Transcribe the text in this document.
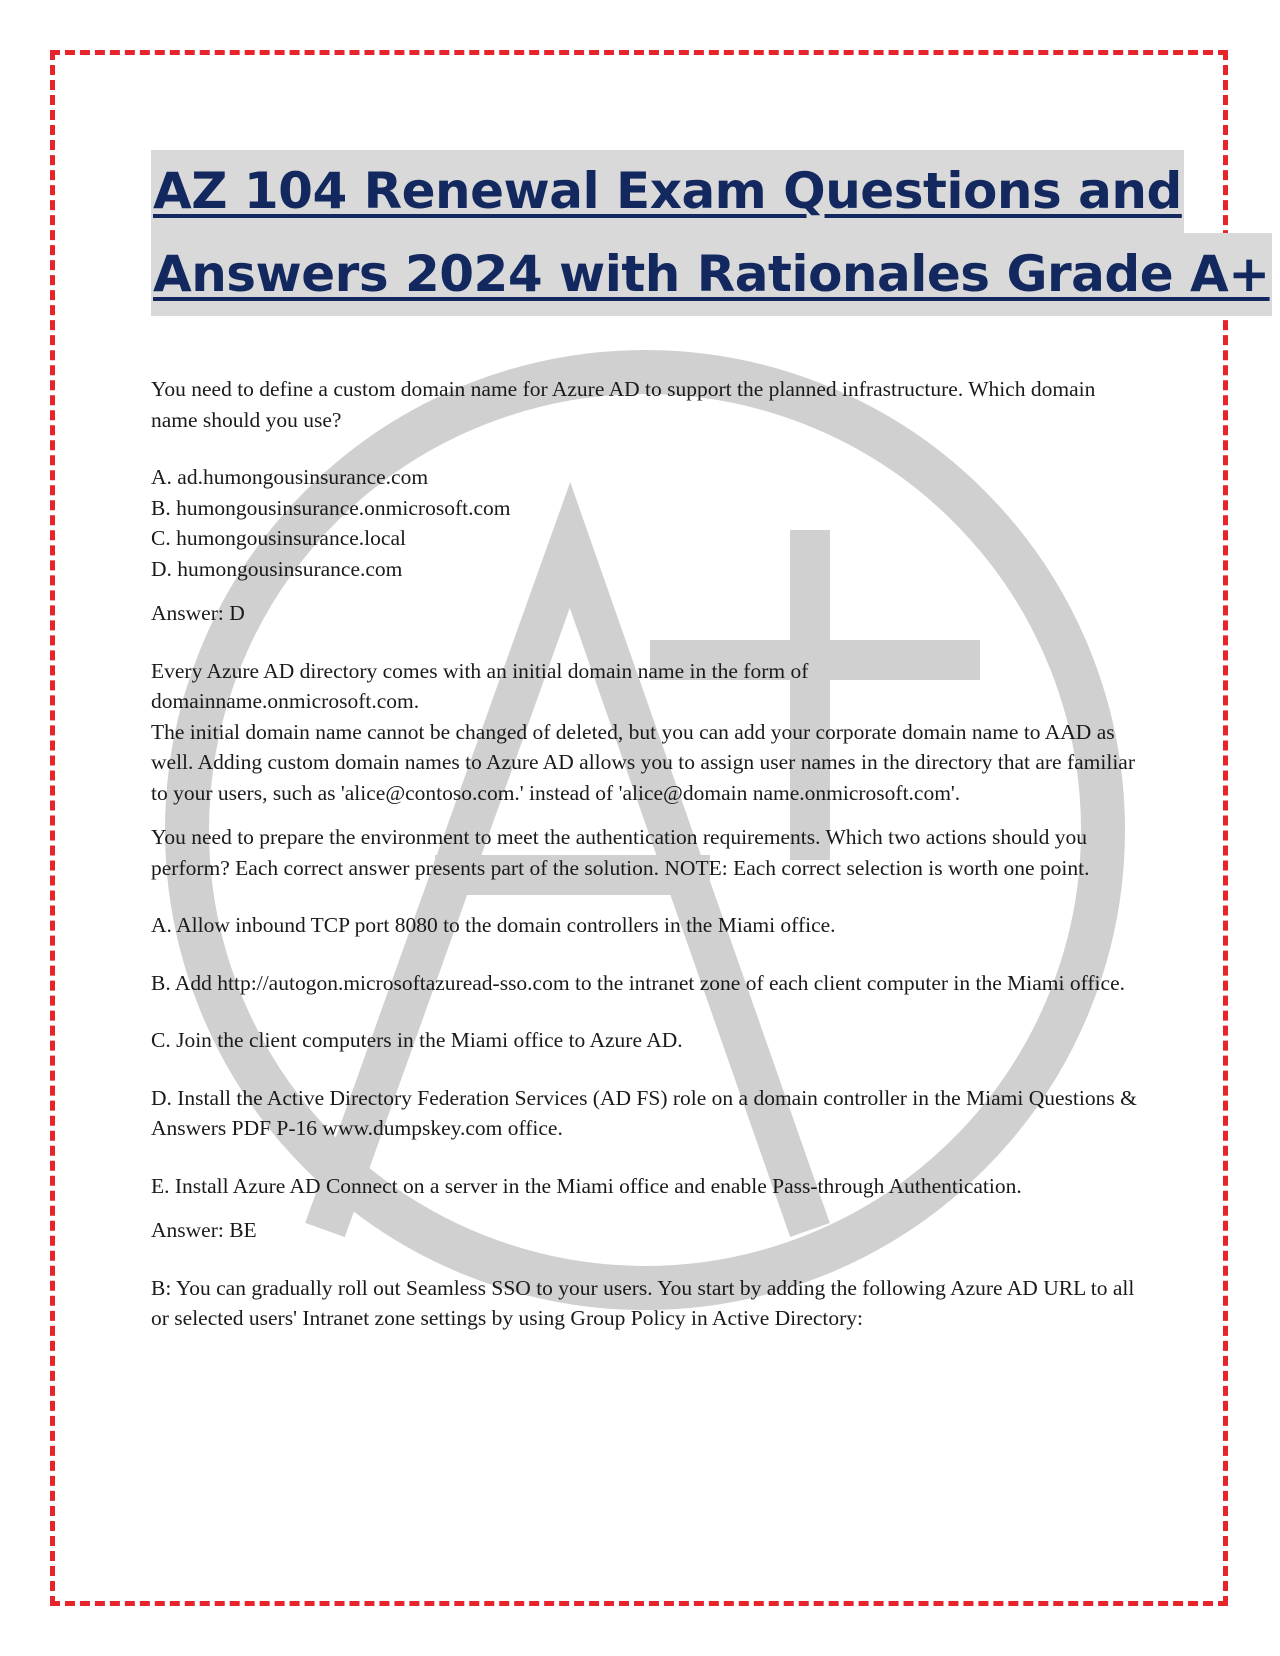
AZ 104 Renewal Exam Questions and
Answers 2024 with Rationales Grade A+

You need to define a custom domain name for Azure AD to support the planned infrastructure. Which domain name should you use?

A. ad.humongousinsurance.com

B. humongousinsurance.onmicrosoft.com

C. humongousinsurance.local

D. humongousinsurance.com

Answer: D

Every Azure AD directory comes with an initial domain name in the form of domainname.onmicrosoft.com.

The initial domain name cannot be changed of deleted, but you can add your corporate domain name to AAD as well. Adding custom domain names to Azure AD allows you to assign user names in the directory that are familiar to your users, such as 'alice@contoso.com.' instead of 'alice@domain name.onmicrosoft.com'.

You need to prepare the environment to meet the authentication requirements. Which two actions should you perform? Each correct answer presents part of the solution. NOTE: Each correct selection is worth one point.

A. Allow inbound TCP port 8080 to the domain controllers in the Miami office.

B. Add http://autogon.microsoftazuread-sso.com to the intranet zone of each client computer in the Miami office.

C. Join the client computers in the Miami office to Azure AD.

D. Install the Active Directory Federation Services (AD FS) role on a domain controller in the Miami Questions & Answers PDF P-16 www.dumpskey.com office.

E. Install Azure AD Connect on a server in the Miami office and enable Pass-through Authentication.

Answer: BE

B: You can gradually roll out Seamless SSO to your users. You start by adding the following Azure AD URL to all or selected users' Intranet zone settings by using Group Policy in Active Directory:
